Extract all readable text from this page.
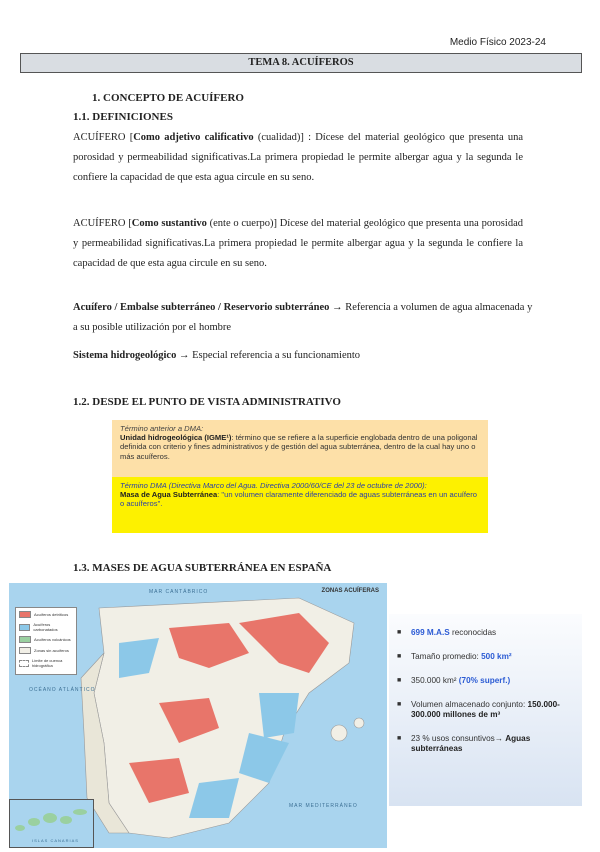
Medio Físico 2023-24
TEMA 8. ACUÍFEROS
1. CONCEPTO DE ACUÍFERO
1.1. DEFINICIONES
ACUÍFERO [Como adjetivo calificativo (cualidad)] : Dícese del material geológico que presenta una porosidad y permeabilidad significativas.La primera propiedad le permite albergar agua y la segunda le confiere la capacidad de que esta agua circule en su seno.
ACUÍFERO [Como sustantivo (ente o cuerpo)] Dícese del material geológico que presenta una porosidad y permeabilidad significativas.La primera propiedad le permite albergar agua y la segunda le confiere la capacidad de que esta agua circule en su seno.
Acuífero / Embalse subterráneo / Reservorio subterráneo → Referencia a volumen de agua almacenada y a su posible utilización por el hombre
Sistema hidrogeológico → Especial referencia a su funcionamiento
1.2. DESDE EL PUNTO DE VISTA ADMINISTRATIVO
Término anterior a DMA:
Unidad hidrogeológica (IGME¹): término que se refiere a la superficie englobada dentro de una poligonal definida con criterio y fines administrativos y de gestión del agua subterránea, dentro de la cual hay uno o más acuíferos.
Término DMA (Directiva Marco del Agua. Directiva 2000/60/CE del 23 de octubre de 2000):
Masa de Agua Subterránea: "un volumen claramente diferenciado de aguas subterráneas en un acuífero o acuíferos".
1.3. MASES DE AGUA SUBTERRÁNEA EN ESPAÑA
ZONAS ACUÍFERAS
Acuíferos detríticos
Acuíferos carbonatados
Acuíferos volcánicos
Zonas sin acuíferos
Límite de cuenca hidrográfica
MAR CANTÁBRICO
OCÉANO ATLÁNTICO
MAR MEDITERRÁNEO
ISLAS CANARIAS
■	699 M.A.S reconocidas
■	Tamaño promedio: 500 km²
■	350.000 km² (70% superf.)
■	Volumen almacenado conjunto: 150.000-300.000 millones de m³
■	23 % usos consuntivos→ Aguas subterráneas
